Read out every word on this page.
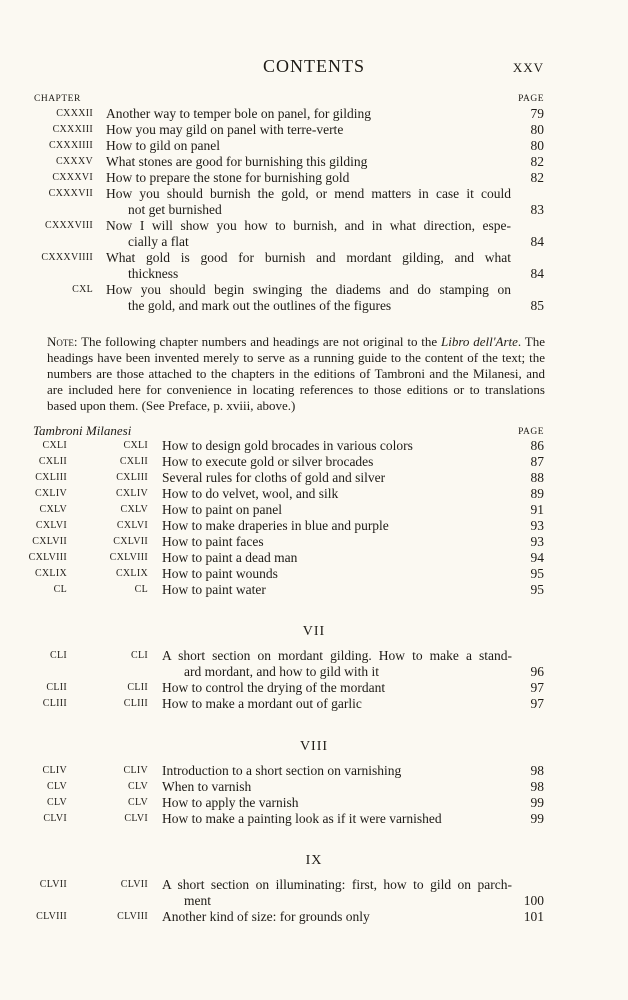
CONTENTS	XXV
CHAPTER	PAGE
CXXXII Another way to temper bole on panel, for gilding	79
CXXXIII How you may gild on panel with terre-verte	80
CXXXIIII How to gild on panel	80
CXXXV What stones are good for burnishing this gilding	82
CXXXVI How to prepare the stone for burnishing gold	82
CXXXVII How you should burnish the gold, or mend matters in case it could
not get burnished	83
CXXXVIII Now I will show you how to burnish, and in what direction, espe-
cially a flat	84
CXXXVIIII What gold is good for burnish and mordant gilding, and what
thickness	84
CXL How you should begin swinging the diadems and do stamping on
the gold, and mark out the outlines of the figures	85
Note: The following chapter numbers and headings are not original to the Libro dell'Arte. The headings have been invented merely to serve as a running guide to the content of the text; the numbers are those attached to the chapters in the editions of Tambroni and the Milanesi, and are included here for convenience in locating references to those editions or to translations based upon them. (See Preface, p. xviii, above.)
Tambroni Milanesi	PAGE
CXLI	CXLI How to design gold brocades in various colors	86
CXLII	CXLII How to execute gold or silver brocades	87
CXLIII	CXLIII Several rules for cloths of gold and silver	88
CXLIV	CXLIV How to do velvet, wool, and silk	89
CXLV	CXLV How to paint on panel	91
CXLVI	CXLVI How to make draperies in blue and purple	93
CXLVII	CXLVII How to paint faces	93
CXLVIII	CXLVIII How to paint a dead man	94
CXLIX	CXLIX How to paint wounds	95
CL	CL How to paint water	95
VII
CLI	CLI A short section on mordant gilding. How to make a stand-
ard mordant, and how to gild with it	96
CLII	CLII How to control the drying of the mordant	97
CLIII	CLIII How to make a mordant out of garlic	97
VIII
CLIV	CLIV Introduction to a short section on varnishing	98
CLV	CLV When to varnish	98
CLV	CLV How to apply the varnish	99
CLVI	CLVI How to make a painting look as if it were varnished	99
IX
CLVII	CLVII A short section on illuminating: first, how to gild on parch-
ment	100
CLVIII	CLVIII Another kind of size: for grounds only	101
